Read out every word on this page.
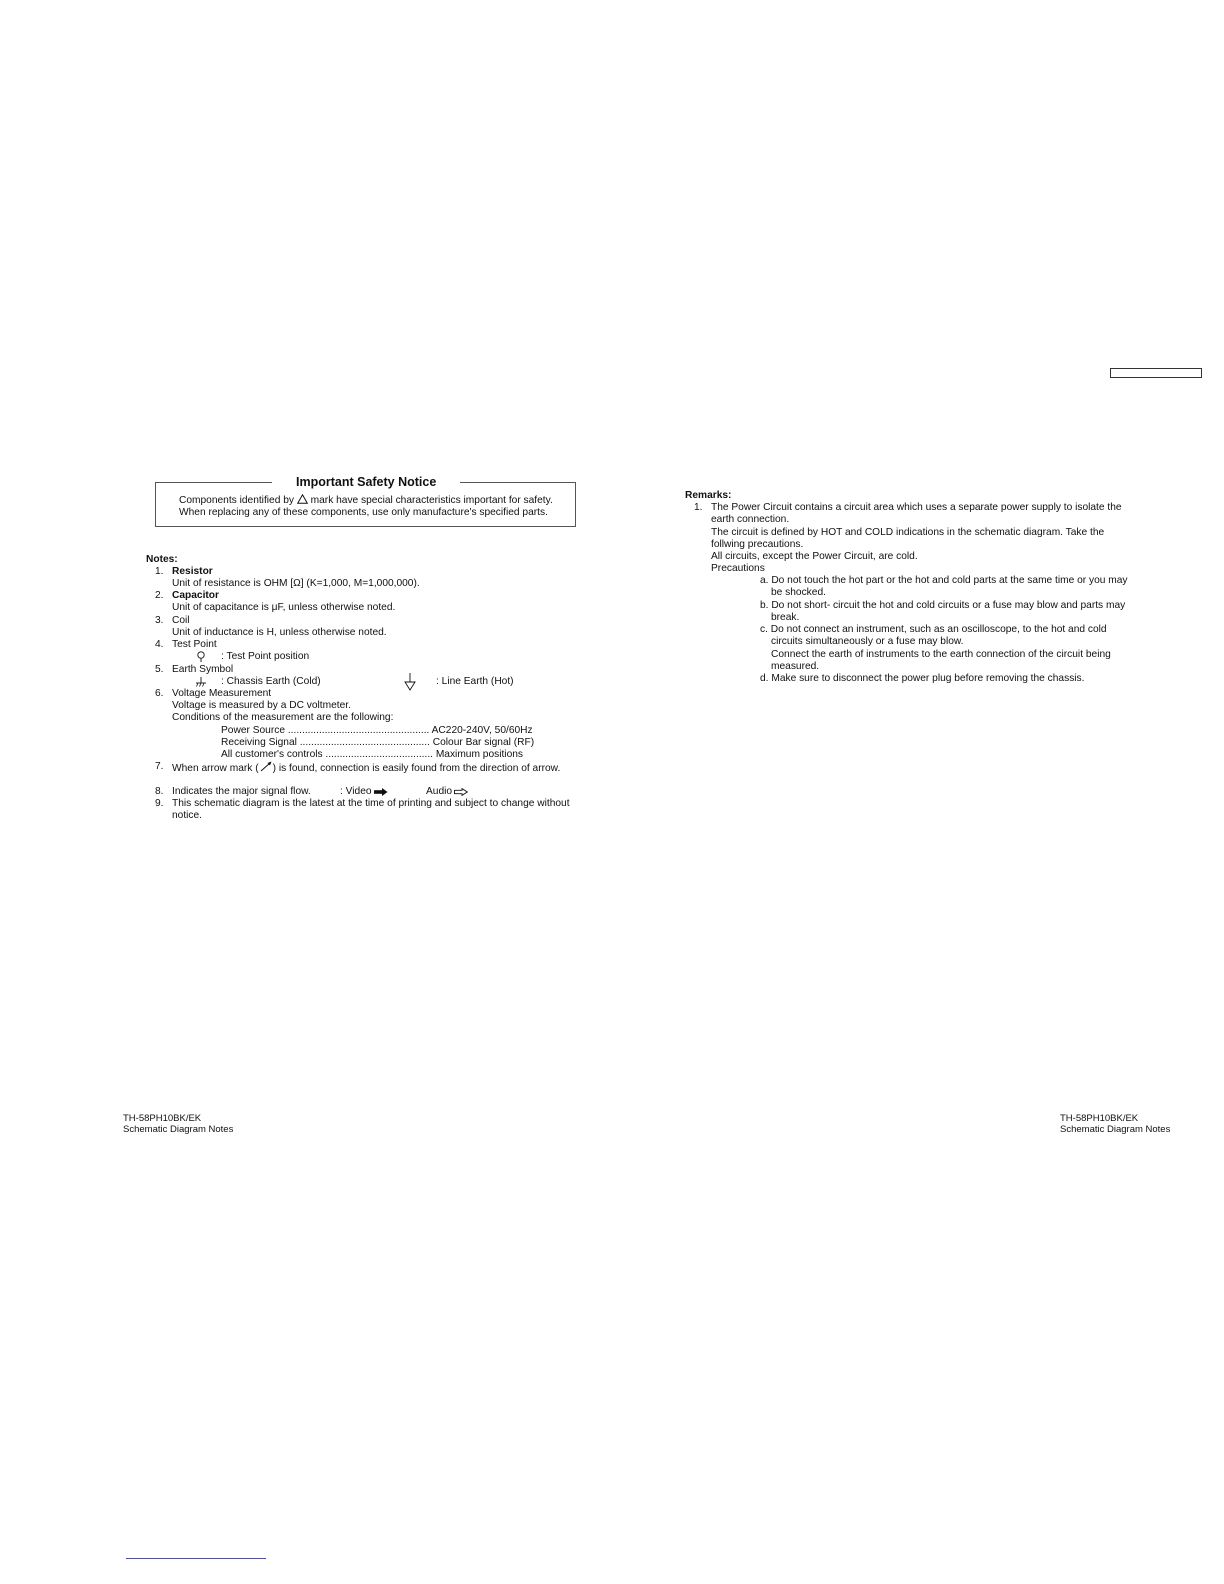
Important Safety Notice
Components identified by mark have special characteristics important for safety.
When replacing any of these components, use only manufacture's specified parts.
Notes:
1. Resistor
Unit of resistance is OHM [Ω] (K=1,000, M=1,000,000).
2. Capacitor
Unit of capacitance is μF, unless otherwise noted.
3. Coil
Unit of inductance is H, unless otherwise noted.
4. Test Point
: Test Point position
5. Earth Symbol
: Chassis Earth (Cold)	: Line Earth (Hot)
6. Voltage Measurement
Voltage is measured by a DC voltmeter.
Conditions of the measurement are the following:
Power Source .................................................. AC220-240V, 50/60Hz
Receiving Signal .............................................. Colour Bar signal (RF)
All customer's controls ...................................... Maximum positions
7. When arrow mark ( ) is found, connection is easily found from the direction of arrow.
8. Indicates the major signal flow.	: Video	Audio
9. This schematic diagram is the latest at the time of printing and subject to change without
notice.
Remarks:
1. The Power Circuit contains a circuit area which uses a separate power supply to isolate the
earth connection.
The circuit is defined by HOT and COLD indications in the schematic diagram. Take the
follwing precautions.
All circuits, except the Power Circuit, are cold.
Precautions
a. Do not touch the hot part or the hot and cold parts at the same time or you may
be shocked.
b. Do not short- circuit the hot and cold circuits or a fuse may blow and parts may
break.
c. Do not connect an instrument, such as an oscilloscope, to the hot and cold
circuits simultaneously or a fuse may blow.
Connect the earth of instruments to the earth connection of the circuit being
measured.
d. Make sure to disconnect the power plug before removing the chassis.
TH-58PH10BK/EK
Schematic Diagram Notes
TH-58PH10BK/EK
Schematic Diagram Notes
